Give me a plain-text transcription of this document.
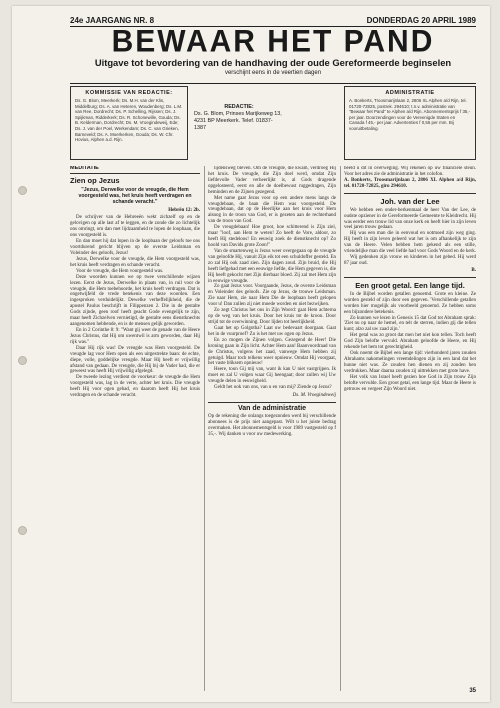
24e JAARGANG NR. 8	DONDERDAG 20 APRIL 1989
BEWAAR HET PAND
Uitgave tot bevordering van de handhaving der oude Gereformeerde beginselen
verschijnt eens in de veertien dagen
KOMMISSIE VAN REDACTIE:

Ds. G. Blom, Meerkerk; Ds. M.H. van der Klis, Middelburg; Ds. A. van Heteren, Woudenberg; Ds. L.M. van Ree, Dordrecht; Ds. P. Schelling, Rijssen; Ds. J. Spijkman, Ridderkerk; Ds. R. Schonewille, Gouda; Ds. B. Kelderman, Dordrecht; Ds. M. Vroegindeweij, Ede; Ds. J. van der Poel, Werkendam; Ds. C. van Grieken, Barneveld; Ds. A. Moerkerken, Gouda; Ds. W. Chr. Hovius, Alphen a.d. Rijn.

REDACTIE:
Ds. G. Blom, Prinses Marijkeweg 13,
4231 BP Meerkerk. Telef. 01837-1387
ADMINISTRATIE

A. Bonkerts, Troosmarijnlaan 2, 2806 XL Alphen a/d Rijn, tel. 01720-72825, postrek. 294610; t.n.v. administratie van "Bewaar het Pand" te Alphen a/d Rijn. Abonnementsprijs f 35,- per jaar. Doorzendingen voor de Vereenigde Staten en Canada f 45,- per jaar. Advertenties f 0,55 per mm. Bij vooruitbetaling.

MEDITATIE
Zien op Jezus
"Jezus, Derwelke voor de vreugde, die Hem voorgesteld was, het kruis heeft verdragen en schande veracht."
Hebrën 12: 2b.

De schrijver van de Hebreeën wekt zichzelf op en de gelovigen op alle last af te leggen, en de zonde die zo lichtelijk ons omringt, om dan met lijdzaamheid te lopen de loopbaan, die ons voorgesteld is.

En dan moet hij dat lopen in de loopbaan der geloofs toe ons voortdurend gericht blijven op de overste Leidsman en Voleinder des geloofs, Jezus!

Jezus, Derwelke voor de vreugde, die Hem voorgesteld was, het kruis heeft verdragen en schande veracht.

Voor de vreugde, die Hem voorgesteld was.

Deze woorden kunnen we op twee verschillende wijzen lezen. Eerst de Jezus, Derwelke in plaats van, in ruil voor de vreugde, die Hem toebehoorde, het kruis heeft verdragen. Dat is ongetwijfeld de vrede betekenis van deze woorden. Een ingesproken verduidelijkt. Dewelke verheffelijkheid, die de apostel Paulus beschrijft in Filippenzen 2. Die in de gestalte Gods zijnde, geen roof heeft geacht Gode evengelijk te zijn, maar heeft Zichzelven vernietigd, de gestalte eens dienstknechts aangenomen hebbende, en is de mensen gelijk geworden.

En in 2 Corinthe 8: 9: "Want gij weet de genade van de Heere Jezus Christus, dat Hij om uwentwil is arm geworden, daar Hij rijk was."

Daar Hij rijk was! De vreugde was Hem voorgesteld. De vreugde lag voor Hem open als een uitgestrekte baan: de echte, diepe, volle, goddelijke vreugde. Maar Hij heeft er vrijwillig afstand van gedaan. De vreugde, die Hij bij de Vader had, die er geweest was heeft Hij vrijwillig afgelegd.

De tweede lezing verdient de voorkeur: de vreugde die Hem voorgesteld was, lag in de verte, achter het kruis. Die vreugde heeft Hij voor ogen gehad, en daarom heeft Hij het kruis verdragen en de schande veracht.

lijdensweg bleven. Om de vreugde, die kwam, verdroeg Hij het kruis. De vreugde, die Zijn doel werd, omdat Zijn liefdevolle Vader verheerlijkt is, al Gods dragende opgelosteerd, eerst en alle de doelbewust ruggedragen, Zijn beminden en de Zijnen gezegend.

Met name gaat Jezus voor op een andere mens langs de vreugdebaan, de baan die Hem was voorgesteld. De vreugdebaan, dat op de Heerlijke aan het kruis voor Hem alsnog in de troon van God, er is gezeten aan de rechterhand van de troon van God.

De vreugdebaan! Hoe groot, hoe schitterend is Zijn ziel, maar "loof, aan Hem te weten! Zo heeft de Vore, aldoor, zo heeft Hij stedeloos! En eeuwig zoek de dienstknecht op? Zo hoold van Davids grote Zoon!"

Van de smartenweg is Jezus weer overgegaan op de vreugde van geloofde Hij, vanuit Zijn eik tot een schuldoffer gesteld. En zo zal Hij ook zaad zien. Zijn dagen zoud. Zijn bruid, die Hij heeft liefgehad met een eeuwige liefde, die Hem gegeven is, die Hij heeft gekocht met Zijn dierbaar bloed. Zij zal met Hem zijn in eeuwige vreugde.

Zo gaat Jezus voor. Voorgaande, Jezus, de overste Leidsman en Voleinder des geloofs. Zie op Jezus, de trouwe Leidsman. Zie naar Hem, zie naar Hem Die de loopbaan heeft gelopen voor u! Dan zullen zij niet moede worden en niet bezwijken.

Zo zegt Christus het ons in Zijn Woord: gaat Hem achterna op de weg van het kruis. Door het kruis tot de kroon. Door strijd tot de overwinning. Door lijden tot heerlijkheid.

Gaat het op Golgotha? Laat uw bedevaart doorgaan. Gaat het in de vuurproef? Zo is het met uw ogen op Jezus.

En zo mogen de Zijnen volgen. Gezegend de Heer! Die kroning gaan in Zijn licht. Achter Hem aan! Baanvoordraad van de Christus, volgens het zaad, vanwege Hem hebben zij getuigd. Maar toch telkens weer opnieuw. Omdat Hij voorgaat, het vaste bliksem opnieuw!

Heere, toon Gij mij van, want ik kan U niet vastgrijpen. Ik moet en zal U volgen waar Gij heengaat; door zullen wij Uw vreugde delen in eeuwigheid.

Geldt het ook van ons, van u en van mij? Ziende op Jezus?

Ds. M. Vroegindeweij
Van de administratie

Op de rekening die onlangs toegezonden werd bij verschillende abonnees is de prijs niet aangepast. Wilt u het juiste bedrag overmaken. Het abonnementsgeld is voor 1989 vastgesteld op f 35,-. Wij danken u voor uw medewerking.

beeld u dit in overweging. Wij rekenen op uw financiële steun. Voor het adres zie de administratie in het colofon.

A. Bonkerts, Troosmarijnlaan 2, 2806 XL Alphen a/d Rijn, tel. 01720-72825, giro 294610.

Joh. van der Lee

We hebben een onder-berkenmaal de heer Van der Lee, de oudste opziener in de Gereformeerde Gemeente te Kleidrecht. Hij was eerder een trouw lid van onze kerk en heeft hier in zijn leven veel jaren trouw gedaan.

Hij was een man die in eenvoud en ootmoed zijn weg ging. Hij heeft in zijn leven geleerd wat het is om afhankelijk te zijn van de Heere. Velen hebben hem gekend als een stille, vriendelijke man die veel liefde had voor Gods Woord en de kerk.

Wij gedenken zijn vrouw en kinderen in het gebed. Hij werd 87 jaar oud.

B.
Een groot getal. Een lange tijd.

In de Bijbel worden getallen genoemd. Grote en kleine. Ze worden gesteld of zijn door een gegeven. 'Verschillende getallen worden hier mogelijk als voorbeeld genoemd. Ze hebben soms een bijzondere betekenis.

Zo kunnen we lezen in Genesis 15 dat God tot Abraham sprak: 'Ziet nu op naar de hemel, en telt de sterren, indien gij die tellen kunt; alzo zal uw zaad zijn.'

Het getal was zo groot dat men het niet kon tellen. Toch heeft God Zijn belofte vervuld. Abraham geloofde de Heere, en Hij rekende het hem tot gerechtigheid.

Ook noemt de Bijbel een lange tijd: vierhonderd jaren zouden Abrahams nakomelingen vreemdelingen zijn in een land dat het hunne niet was. Ze zouden hen dienen en zij zouden hen verdrukken. Maar daarna zouden zij uittrekken met grote have.

Het volk van Israel heeft gezien hoe God in Zijn trouw Zijn belofte vervulde. Een groot getal, een lange tijd. Maar de Heere is getrouw en vergeet Zijn Woord niet.

35
